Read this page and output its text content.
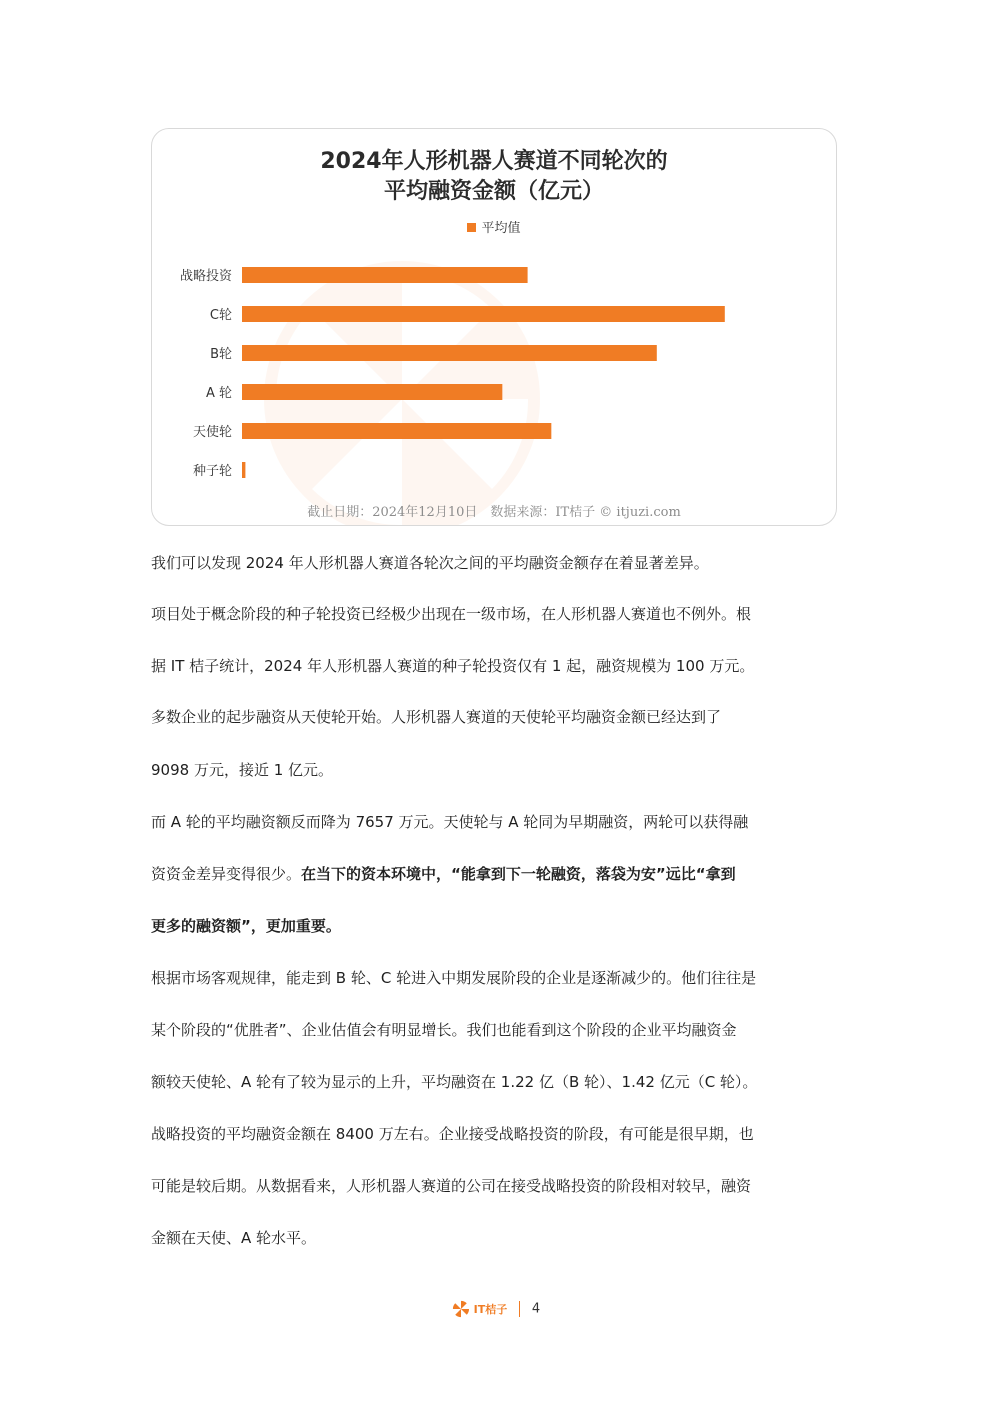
2024年人形机器人赛道不同轮次的
平均融资金额（亿元）
平均值
战略投资
C轮
B轮
A 轮
天使轮
种子轮
截止日期：2024年12月10日　数据来源：IT桔子 © itjuzi.com

我们可以发现 2024 年人形机器人赛道各轮次之间的平均融资金额存在着显著差异。

项目处于概念阶段的种子轮投资已经极少出现在一级市场，在人形机器人赛道也不例外。根

据 IT 桔子统计，2024 年人形机器人赛道的种子轮投资仅有 1 起，融资规模为 100 万元。

多数企业的起步融资从天使轮开始。人形机器人赛道的天使轮平均融资金额已经达到了

9098 万元，接近 1 亿元。

而 A 轮的平均融资额反而降为 7657 万元。天使轮与 A 轮同为早期融资，两轮可以获得融

资资金差异变得很少。在当下的资本环境中，“能拿到下一轮融资，落袋为安”远比“拿到

更多的融资额”，更加重要。

根据市场客观规律，能走到 B 轮、C 轮进入中期发展阶段的企业是逐渐减少的。他们往往是

某个阶段的“优胜者”、企业估值会有明显增长。我们也能看到这个阶段的企业平均融资金

额较天使轮、A 轮有了较为显示的上升，平均融资在 1.22 亿（B 轮）、1.42 亿元（C 轮）。

战略投资的平均融资金额在 8400 万左右。企业接受战略投资的阶段，有可能是很早期，也

可能是较后期。从数据看来，人形机器人赛道的公司在接受战略投资的阶段相对较早，融资

金额在天使、A 轮水平。

IT桔子 4
